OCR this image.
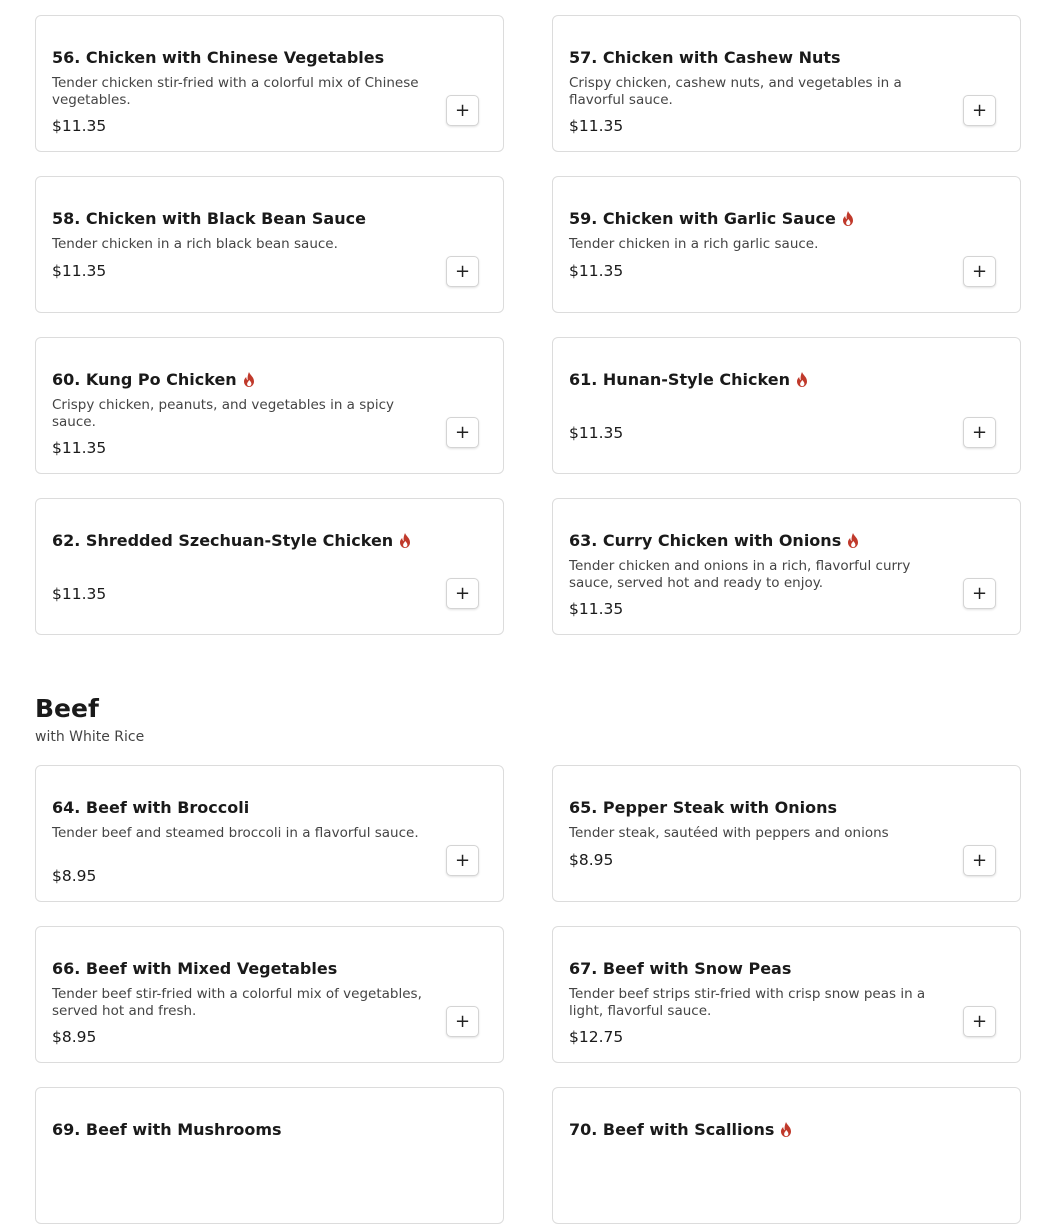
56. Chicken with Chinese Vegetables
Tender chicken stir-fried with a colorful mix of Chinese vegetables.
$11.35
+
57. Chicken with Cashew Nuts
Crispy chicken, cashew nuts, and vegetables in a flavorful sauce.
$11.35
+
58. Chicken with Black Bean Sauce
Tender chicken in a rich black bean sauce.
$11.35	+
59. Chicken with Garlic Sauce
Tender chicken in a rich garlic sauce.
$11.35	+
60. Kung Po Chicken
Crispy chicken, peanuts, and vegetables in a spicy sauce.
$11.35
+
61. Hunan-Style Chicken
$11.35	+
62. Shredded Szechuan-Style Chicken
$11.35	+
63. Curry Chicken with Onions
Tender chicken and onions in a rich, flavorful curry sauce, served hot and ready to enjoy.
$11.35
+
Beef
with White Rice
64. Beef with Broccoli
Tender beef and steamed broccoli in a flavorful sauce.
$8.95
+
65. Pepper Steak with Onions
Tender steak, sautéed with peppers and onions
$8.95	+
66. Beef with Mixed Vegetables
Tender beef stir-fried with a colorful mix of vegetables, served hot and fresh.
$8.95
+
67. Beef with Snow Peas
Tender beef strips stir-fried with crisp snow peas in a light, flavorful sauce.
$12.75
+
69. Beef with Mushrooms	70. Beef with Scallions
